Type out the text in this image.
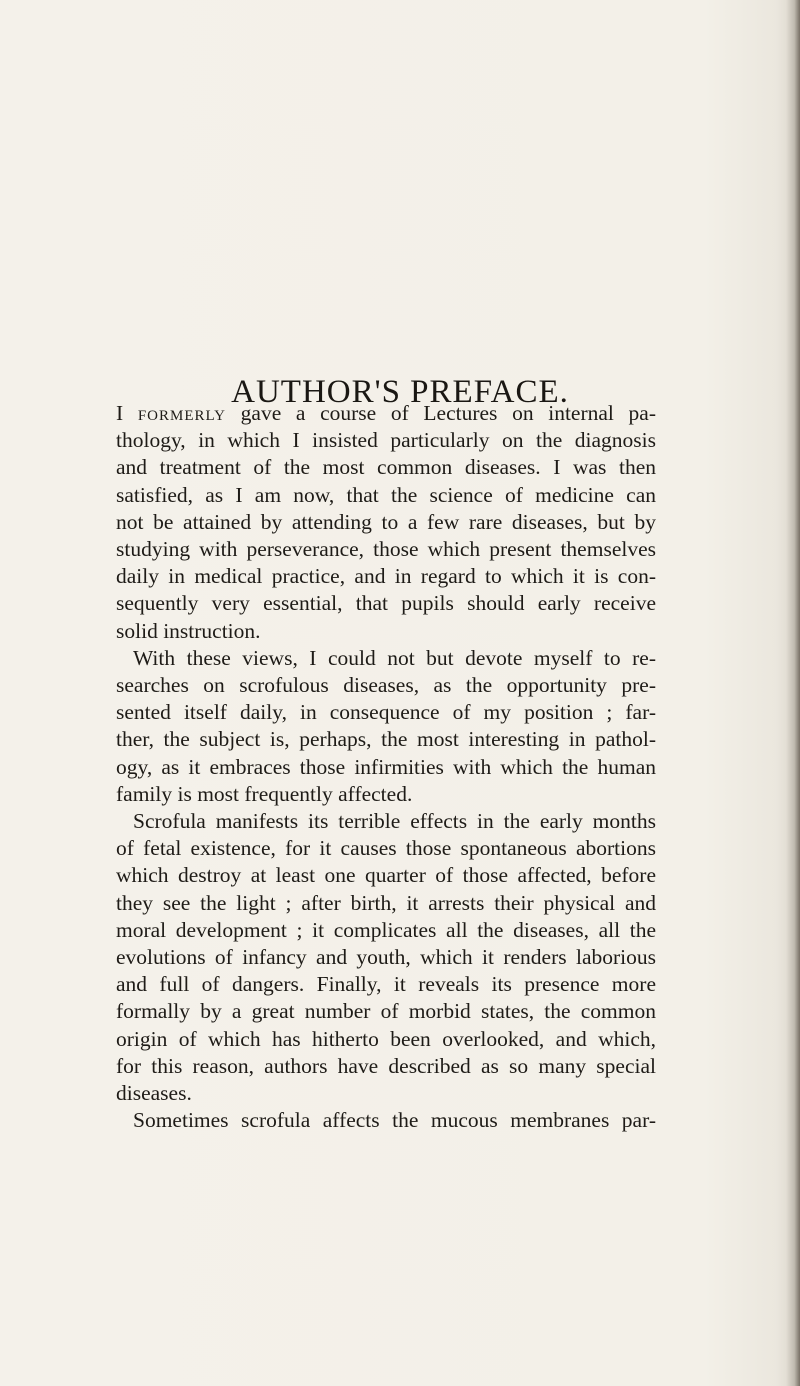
AUTHOR'S PREFACE.
I formerly gave a course of Lectures on internal pa-
thology, in which I insisted particularly on the diagnosis
and treatment of the most common diseases. I was then
satisfied, as I am now, that the science of medicine can
not be attained by attending to a few rare diseases, but by
studying with perseverance, those which present themselves
daily in medical practice, and in regard to which it is con-
sequently very essential, that pupils should early receive
solid instruction.
With these views, I could not but devote myself to re-
searches on scrofulous diseases, as the opportunity pre-
sented itself daily, in consequence of my position ; far-
ther, the subject is, perhaps, the most interesting in pathol-
ogy, as it embraces those infirmities with which the human
family is most frequently affected.
Scrofula manifests its terrible effects in the early months
of fetal existence, for it causes those spontaneous abortions
which destroy at least one quarter of those affected, before
they see the light ; after birth, it arrests their physical and
moral development ; it complicates all the diseases, all the
evolutions of infancy and youth, which it renders laborious
and full of dangers. Finally, it reveals its presence more
formally by a great number of morbid states, the common
origin of which has hitherto been overlooked, and which,
for this reason, authors have described as so many special
diseases.
Sometimes scrofula affects the mucous membranes par-
